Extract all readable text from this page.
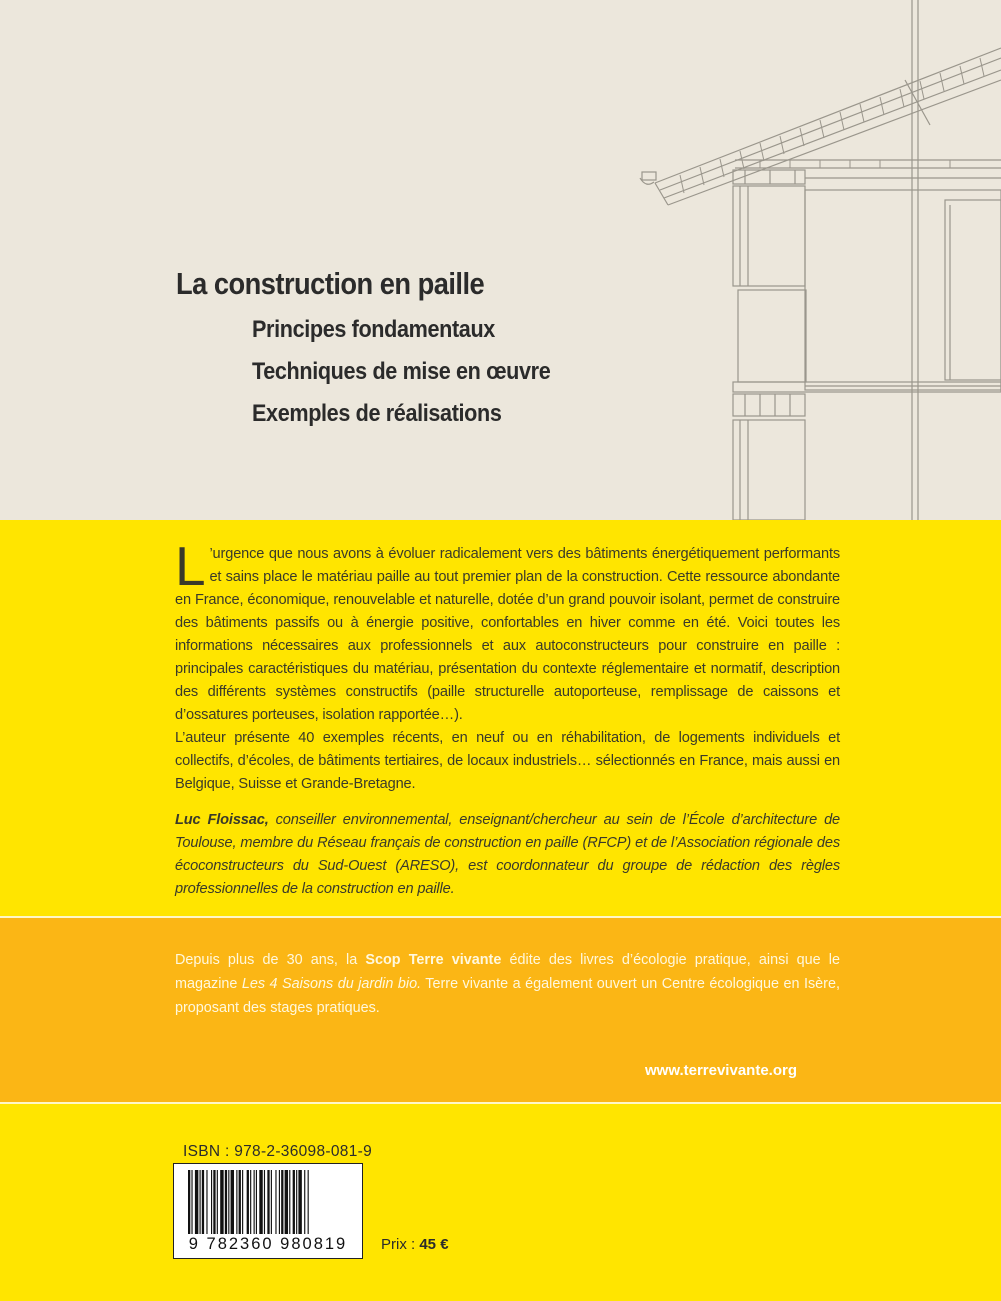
La construction en paille
Principes fondamentaux
Techniques de mise en œuvre
Exemples de réalisations

L ’urgence que nous avons à évoluer radicalement vers des bâtiments énergétiquement performants et sains place le matériau paille au tout premier plan de la construction. Cette ressource abondante en France, économique, renouvelable et naturelle, dotée d’un grand pouvoir isolant, permet de construire des bâtiments passifs ou à énergie positive, confortables en hiver comme en été. Voici toutes les informations nécessaires aux professionnels et aux autoconstructeurs pour construire en paille : principales caractéristiques du matériau, présentation du contexte réglementaire et normatif, description des différents systèmes constructifs (paille structurelle autoporteuse, remplissage de caissons et d’ossatures porteuses, isolation rapportée…).

L’auteur présente 40 exemples récents, en neuf ou en réhabilitation, de logements individuels et collectifs, d’écoles, de bâtiments tertiaires, de locaux industriels… sélectionnés en France, mais aussi en Belgique, Suisse et Grande-Bretagne.

Luc Floissac, conseiller environnemental, enseignant/chercheur au sein de l’École d’architecture de Toulouse, membre du Réseau français de construction en paille (RFCP) et de l’Association régionale des écoconstructeurs du Sud-Ouest (ARESO), est coordonnateur du groupe de rédaction des règles professionnelles de la construction en paille.

Depuis plus de 30 ans, la Scop Terre vivante édite des livres d’écologie pratique, ainsi que le magazine Les 4 Saisons du jardin bio. Terre vivante a également ouvert un Centre écologique en Isère, proposant des stages pratiques.
www.terrevivante.org
ISBN : 978-2-36098-081-9
9 782360 980819	Prix : 45 €
